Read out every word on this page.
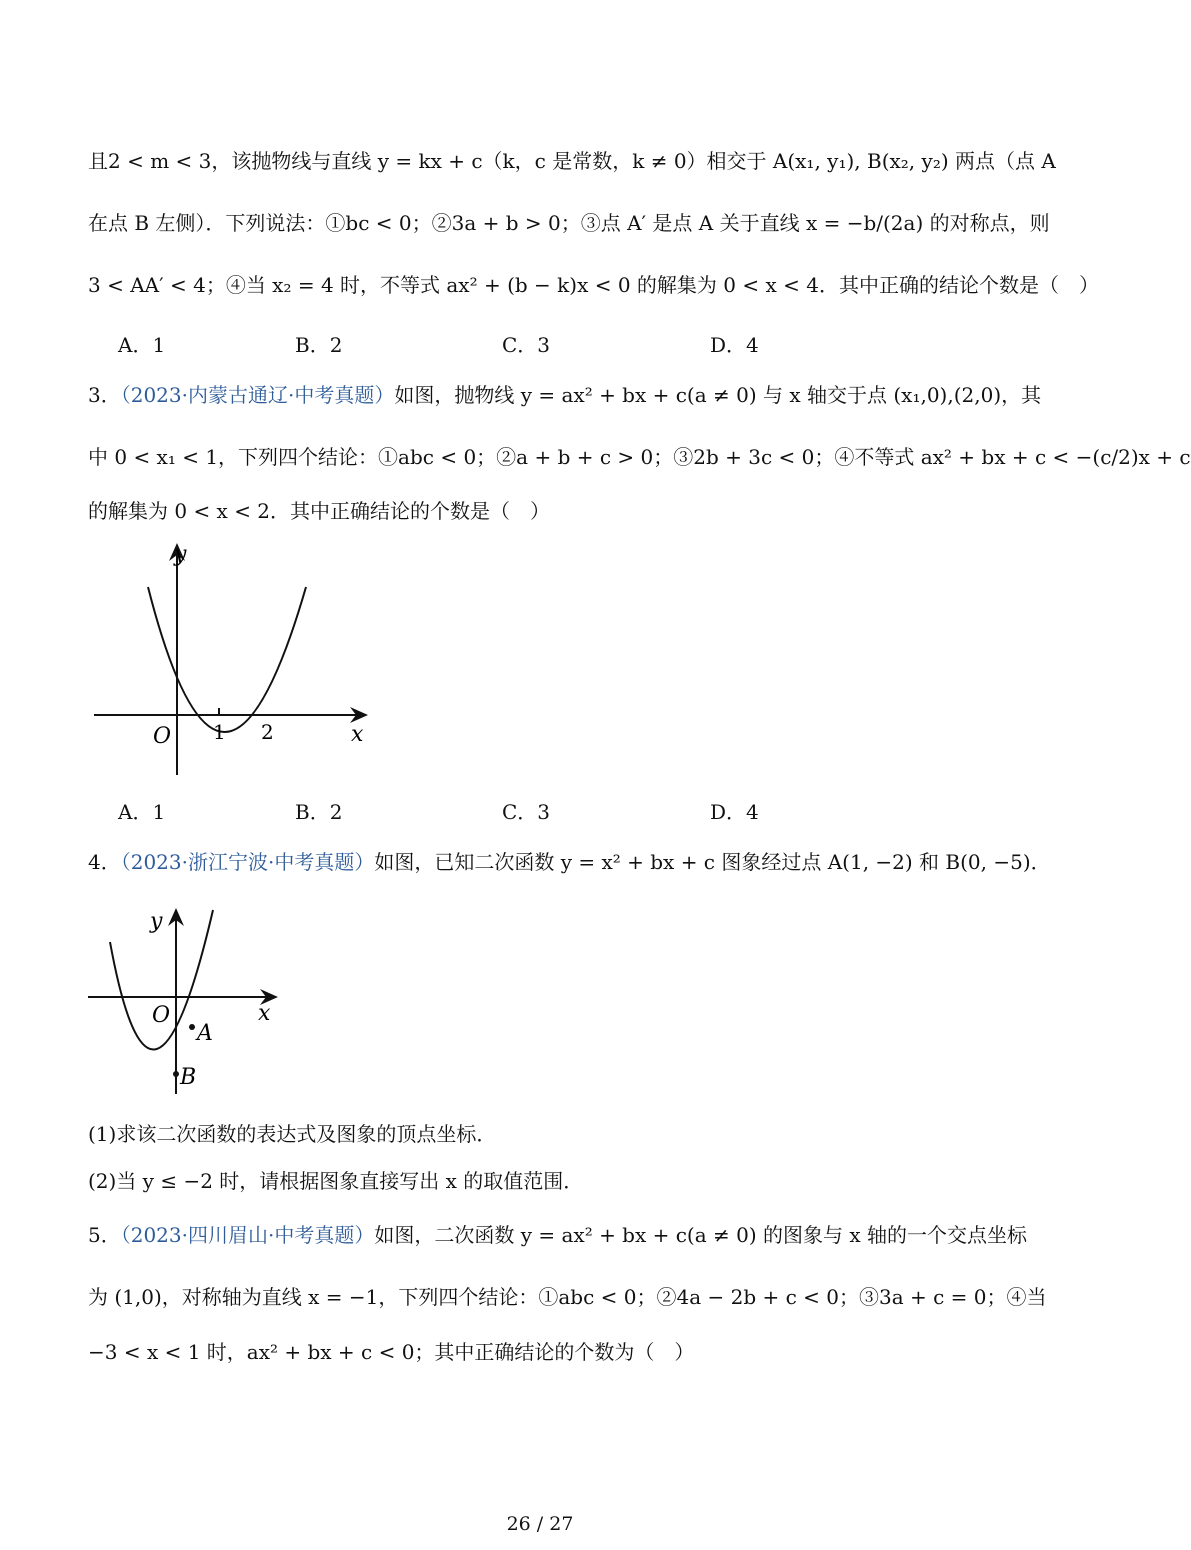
且2 < m < 3，该抛物线与直线 y = kx + c（k，c 是常数，k ≠ 0）相交于 A(x₁, y₁), B(x₂, y₂) 两点（点 A
在点 B 左侧）．下列说法：①bc < 0；②3a + b > 0；③点 A′ 是点 A 关于直线 x = −b/(2a) 的对称点，则
3 < AA′ < 4；④当 x₂ = 4 时，不等式 ax² + (b − k)x < 0 的解集为 0 < x < 4．其中正确的结论个数是（　）
A．1	B．2	C．3	D．4
3．（2023·内蒙古通辽·中考真题）如图，抛物线 y = ax² + bx + c(a ≠ 0) 与 x 轴交于点 (x₁,0),(2,0)，其
中 0 < x₁ < 1，下列四个结论：①abc < 0；②a + b + c > 0；③2b + 3c < 0；④不等式 ax² + bx + c < −(c/2)x + c
的解集为 0 < x < 2．其中正确结论的个数是（　）
y
x
O 1 2
A．1	B．2	C．3	D．4
4．（2023·浙江宁波·中考真题）如图，已知二次函数 y = x² + bx + c 图象经过点 A(1, −2) 和 B(0, −5)．
y
x
O
A
B
(1)求该二次函数的表达式及图象的顶点坐标．
(2)当 y ≤ −2 时，请根据图象直接写出 x 的取值范围．
5．（2023·四川眉山·中考真题）如图，二次函数 y = ax² + bx + c(a ≠ 0) 的图象与 x 轴的一个交点坐标
为 (1,0)，对称轴为直线 x = −1，下列四个结论：①abc < 0；②4a − 2b + c < 0；③3a + c = 0；④当
−3 < x < 1 时，ax² + bx + c < 0；其中正确结论的个数为（　）
26 / 27
